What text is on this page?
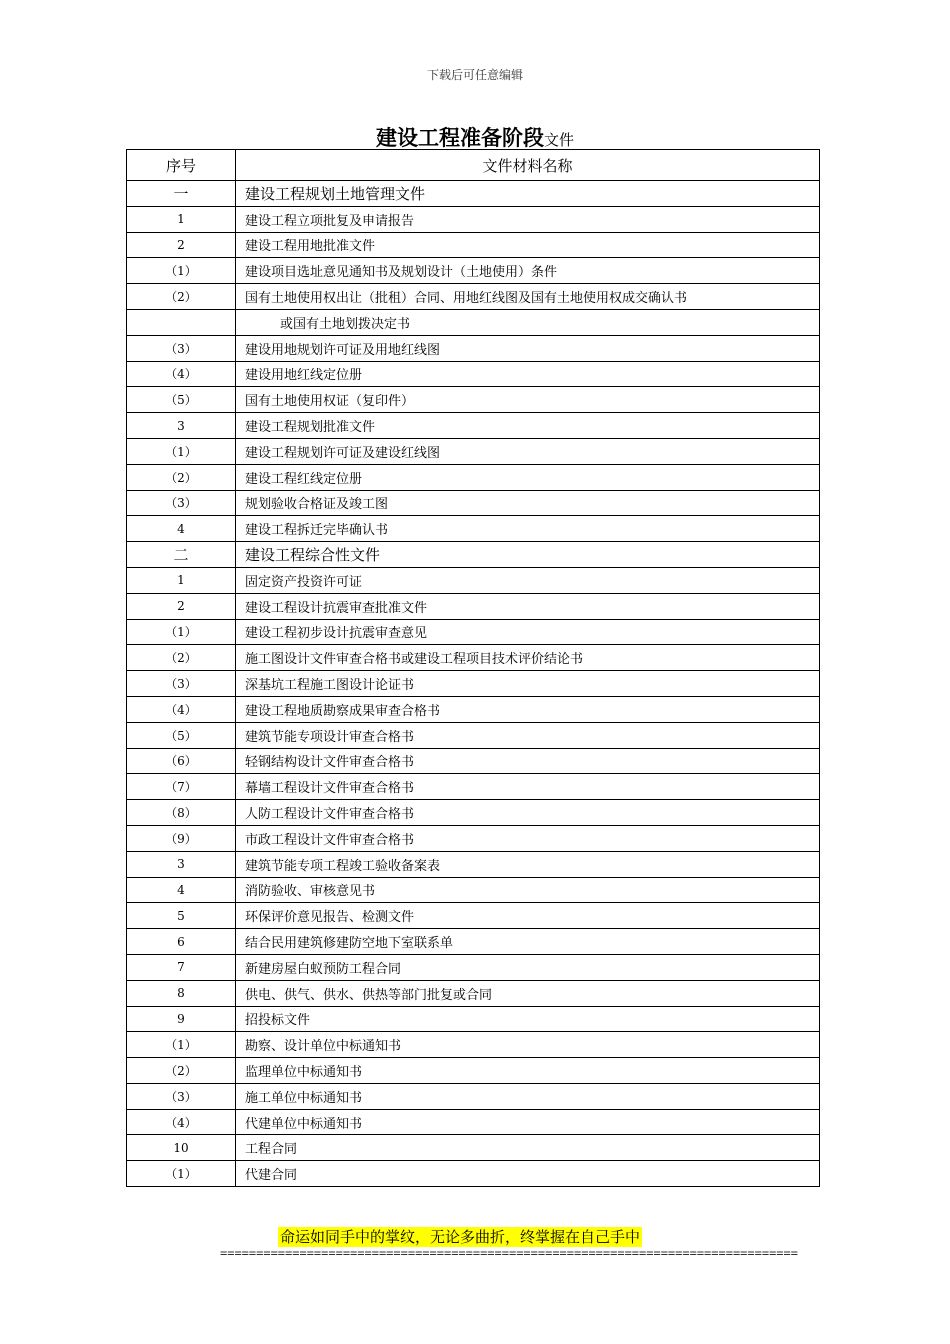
下载后可任意编辑
建设工程准备阶段文件
序号	文件材料名称
一	建设工程规划土地管理文件
1	建设工程立项批复及申请报告
2	建设工程用地批准文件
（1）	建设项目选址意见通知书及规划设计（土地使用）条件
（2）	国有土地使用权出让（批租）合同、用地红线图及国有土地使用权成交确认书
	或国有土地划拨决定书
（3）	建设用地规划许可证及用地红线图
（4）	建设用地红线定位册
（5）	国有土地使用权证（复印件）
3	建设工程规划批准文件
（1）	建设工程规划许可证及建设红线图
（2）	建设工程红线定位册
（3）	规划验收合格证及竣工图
4	建设工程拆迁完毕确认书
二	建设工程综合性文件
1	固定资产投资许可证
2	建设工程设计抗震审查批准文件
（1）	建设工程初步设计抗震审查意见
（2）	施工图设计文件审查合格书或建设工程项目技术评价结论书
（3）	深基坑工程施工图设计论证书
（4）	建设工程地质勘察成果审查合格书
（5）	建筑节能专项设计审查合格书
（6）	轻钢结构设计文件审查合格书
（7）	幕墙工程设计文件审查合格书
（8）	人防工程设计文件审查合格书
（9）	市政工程设计文件审查合格书
3	建筑节能专项工程竣工验收备案表
4	消防验收、审核意见书
5	环保评价意见报告、检测文件
6	结合民用建筑修建防空地下室联系单
7	新建房屋白蚁预防工程合同
8	供电、供气、供水、供热等部门批复或合同
9	招投标文件
（1）	勘察、设计单位中标通知书
（2）	监理单位中标通知书
（3）	施工单位中标通知书
（4）	代建单位中标通知书
10	工程合同
（1）	代建合同
命运如同手中的掌纹，无论多曲折，终掌握在自己手中
================================================================================
